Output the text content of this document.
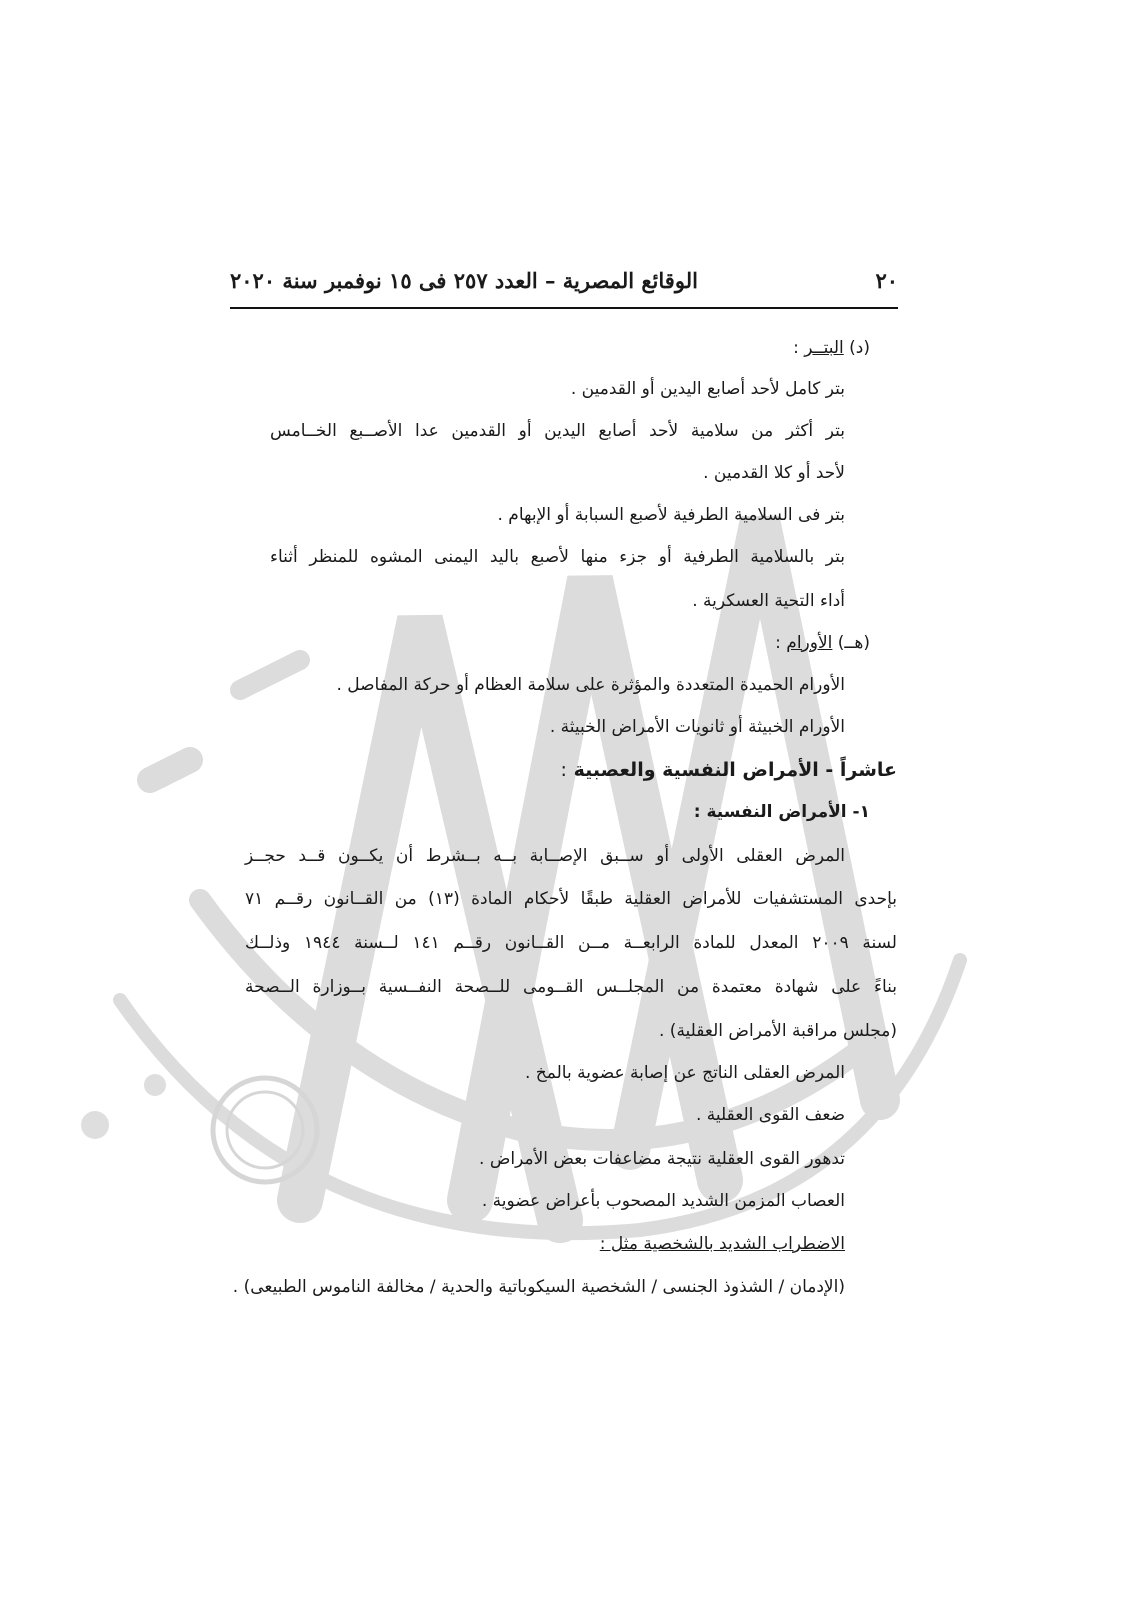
٢٠
الوقائع المصرية – العدد ٢٥٧ فى ١٥ نوفمبر سنة ٢٠٢٠
(د) البتــر :
بتر كامل لأحد أصابع اليدين أو القدمين .
بتر أكثر من سلامية لأحد أصابع اليدين أو القدمين عدا الأصــبع الخــامس
لأحد أو كلا القدمين .
بتر فى السلامية الطرفية لأصبع السبابة أو الإبهام .
بتر بالسلامية الطرفية أو جزء منها لأصبع باليد اليمنى المشوه للمنظر أثناء
أداء التحية العسكرية .
(هــ) الأورام :
الأورام الحميدة المتعددة والمؤثرة على سلامة العظام أو حركة المفاصل .
الأورام الخبيثة أو ثانويات الأمراض الخبيثة .
عاشراً - الأمراض النفسية والعصبية :
١- الأمراض النفسية :
المرض العقلى الأولى أو ســبق الإصــابة بــه بــشرط أن يكــون قــد حجــز
بإحدى المستشفيات للأمراض العقلية طبقًا لأحكام المادة (١٣) من القــانون رقــم ٧١
لسنة ٢٠٠٩ المعدل للمادة الرابعــة مــن القــانون رقــم ١٤١ لــسنة ١٩٤٤ وذلــك
بناءً على شهادة معتمدة من المجلــس القــومى للــصحة النفــسية بــوزارة الــصحة
(مجلس مراقبة الأمراض العقلية) .
المرض العقلى الناتج عن إصابة عضوية بالمخ .
ضعف القوى العقلية .
تدهور القوى العقلية نتيجة مضاعفات بعض الأمراض .
العصاب المزمن الشديد المصحوب بأعراض عضوية .
الاضطراب الشديد بالشخصية مثل :
(الإدمان / الشذوذ الجنسى / الشخصية السيكوباتية والحدية / مخالفة الناموس الطبيعى) .
